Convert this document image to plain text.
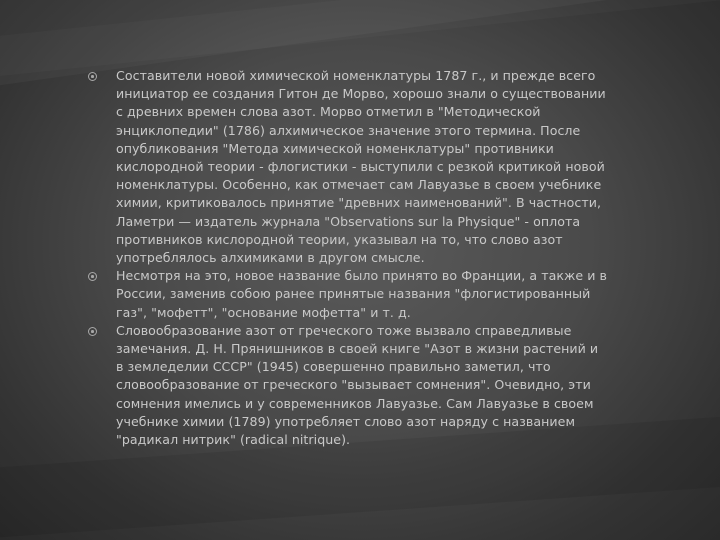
Составители новой химической номенклатуры 1787 г., и прежде всего инициатор ее создания Гитон де Морво, хорошо знали о существовании с древних времен слова азот. Морво отметил в "Методической энциклопедии" (1786) алхимическое значение этого термина. После опубликования "Метода химической номенклатуры" противники кислородной теории - флогистики - выступили с резкой критикой новой номенклатуры. Особенно, как отмечает сам Лавуазье в своем учебнике химии, критиковалось принятие "древних наименований". В частности, Ламетри — издатель журнала "Observations sur la Physique" - оплота противников кислородной теории, указывал на то, что слово азот употреблялось алхимиками в другом смысле.
Несмотря на это, новое название было принято во Франции, а также и в России, заменив собою ранее принятые названия "флогистированный газ", "мофетт", "основание мофетта" и т. д.
Словообразование азот от греческого тоже вызвало справедливые замечания. Д. Н. Прянишников в своей книге "Азот в жизни растений и в земледелии СССР" (1945) совершенно правильно заметил, что словообразование от греческого "вызывает сомнения". Очевидно, эти сомнения имелись и у современников Лавуазье. Сам Лавуазье в своем учебнике химии (1789) употребляет слово азот наряду с названием "радикал нитрик" (radical nitrique).
